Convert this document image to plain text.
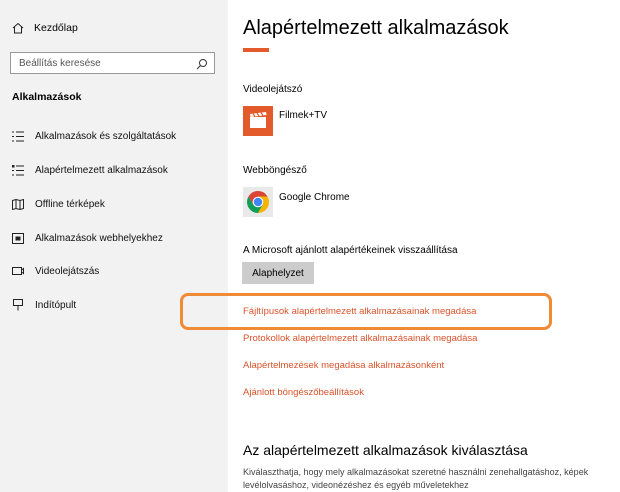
Kezdőlap
Beállítás keresése
Alkalmazások
Alkalmazások és szolgáltatások
Alapértelmezett alkalmazások
Offline térképek
Alkalmazások webhelyekhez
Videolejátszás
Indítópult
Alapértelmezett alkalmazások
Videolejátszó
Filmek+TV
Webböngésző
Google Chrome
A Microsoft ajánlott alapértékeinek visszaállítása
Alaphelyzet
Fájltípusok alapértelmezett alkalmazásainak megadása
Protokollok alapértelmezett alkalmazásainak megadása
Alapértelmezések megadása alkalmazásonként
Ajánlott böngészőbeállítások
Az alapértelmezett alkalmazások kiválasztása
Kiválaszthatja, hogy mely alkalmazásokat szeretné használni zenehallgatáshoz, képek levélolvasáshoz, videonézéshez és egyéb műveletekhez
